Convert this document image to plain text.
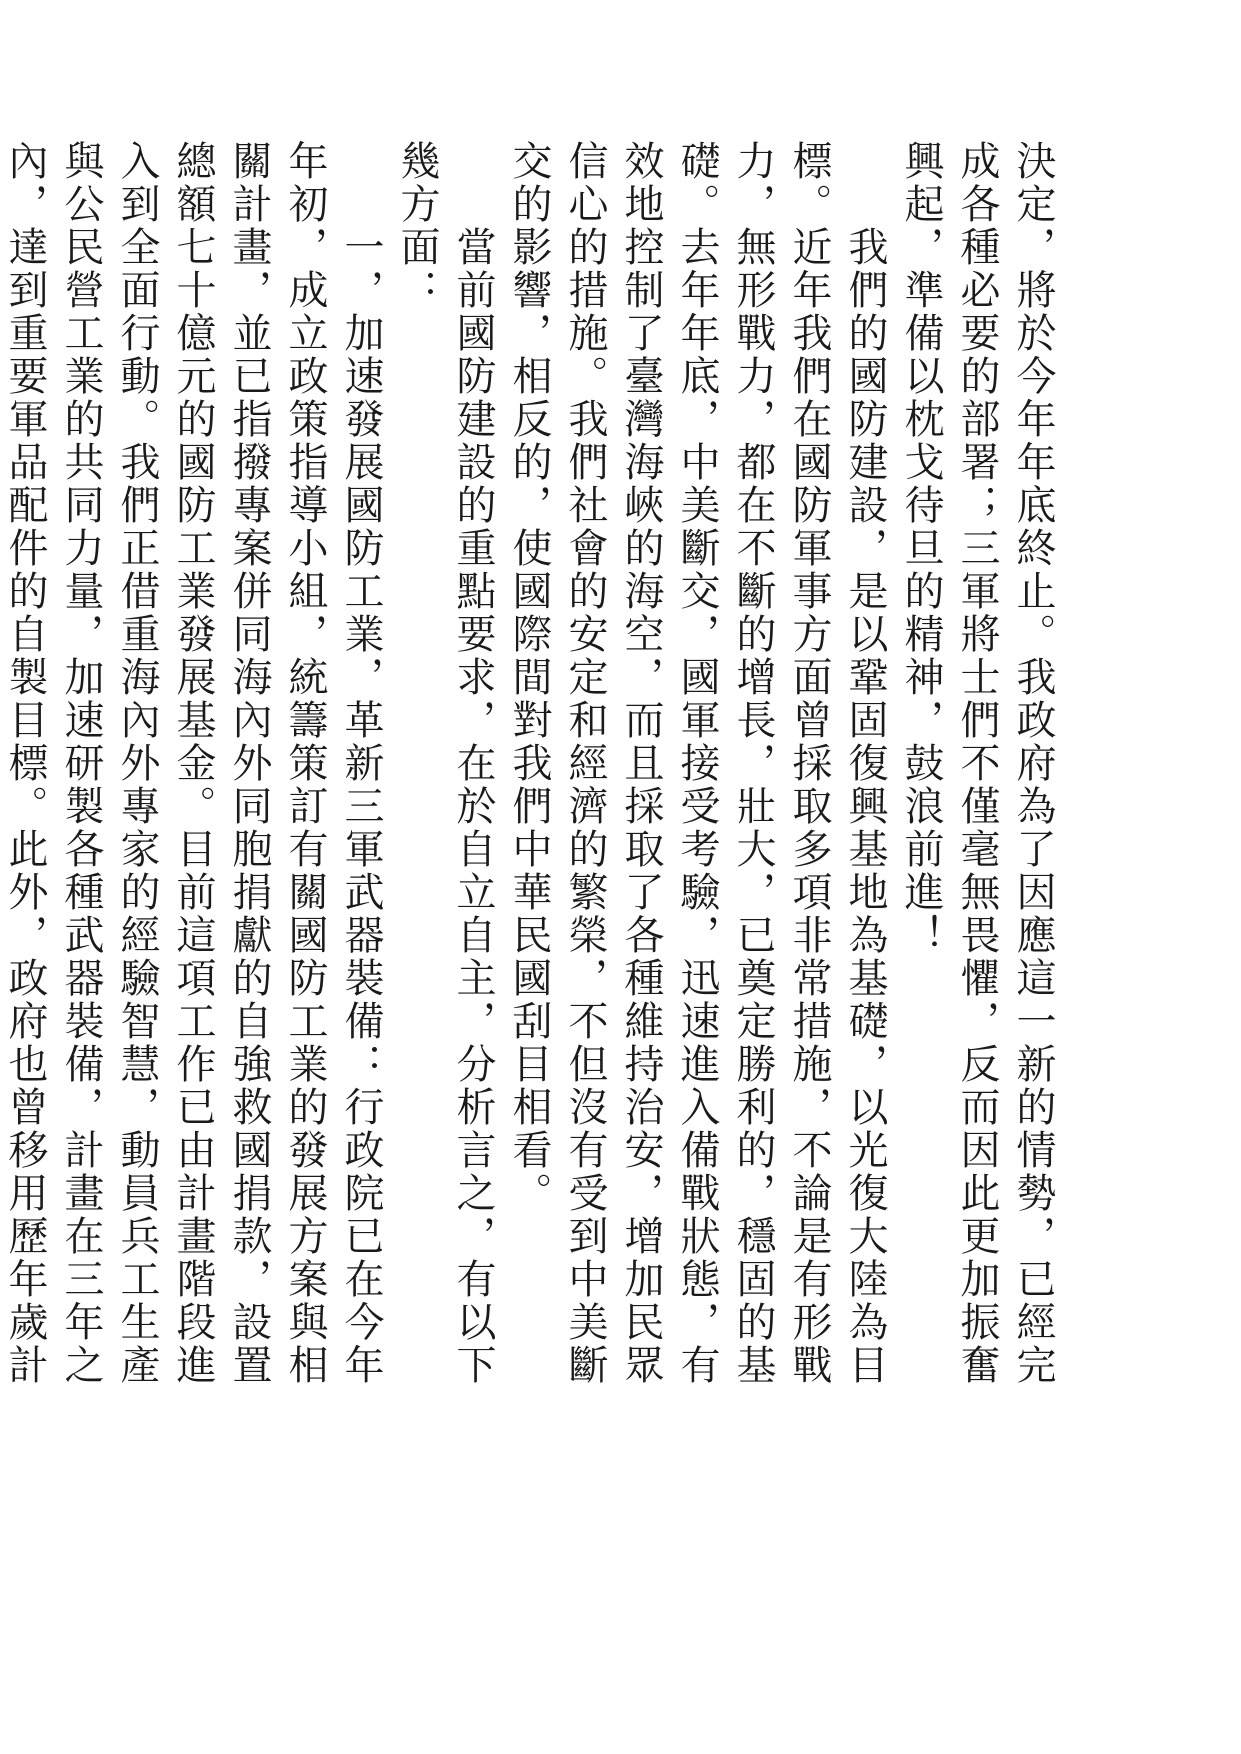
決定，將於今年年底終止。我政府為了因應這一新的情勢，已經完
成各種必要的部署；三軍將士們不僅毫無畏懼，反而因此更加振奮
興起，準備以枕戈待旦的精神，鼓浪前進！
　　我們的國防建設，是以鞏固復興基地為基礎，以光復大陸為目
標。近年我們在國防軍事方面曾採取多項非常措施，不論是有形戰
力，無形戰力，都在不斷的增長，壯大，已奠定勝利的，穩固的基
礎。去年年底，中美斷交，國軍接受考驗，迅速進入備戰狀態，有
效地控制了臺灣海峽的海空，而且採取了各種維持治安，增加民眾
信心的措施。我們社會的安定和經濟的繁榮，不但沒有受到中美斷
交的影響，相反的，使國際間對我們中華民國刮目相看。
　　當前國防建設的重點要求，在於自立自主，分析言之，有以下
幾方面：
　　一，加速發展國防工業，革新三軍武器裝備：行政院已在今年
年初，成立政策指導小組，統籌策訂有關國防工業的發展方案與相
關計畫，並已指撥專案併同海內外同胞捐獻的自強救國捐款，設置
總額七十億元的國防工業發展基金。目前這項工作已由計畫階段進
入到全面行動。我們正借重海內外專家的經驗智慧，動員兵工生產
與公民營工業的共同力量，加速研製各種武器裝備，計畫在三年之
內，達到重要軍品配件的自製目標。此外，政府也曾移用歷年歲計
